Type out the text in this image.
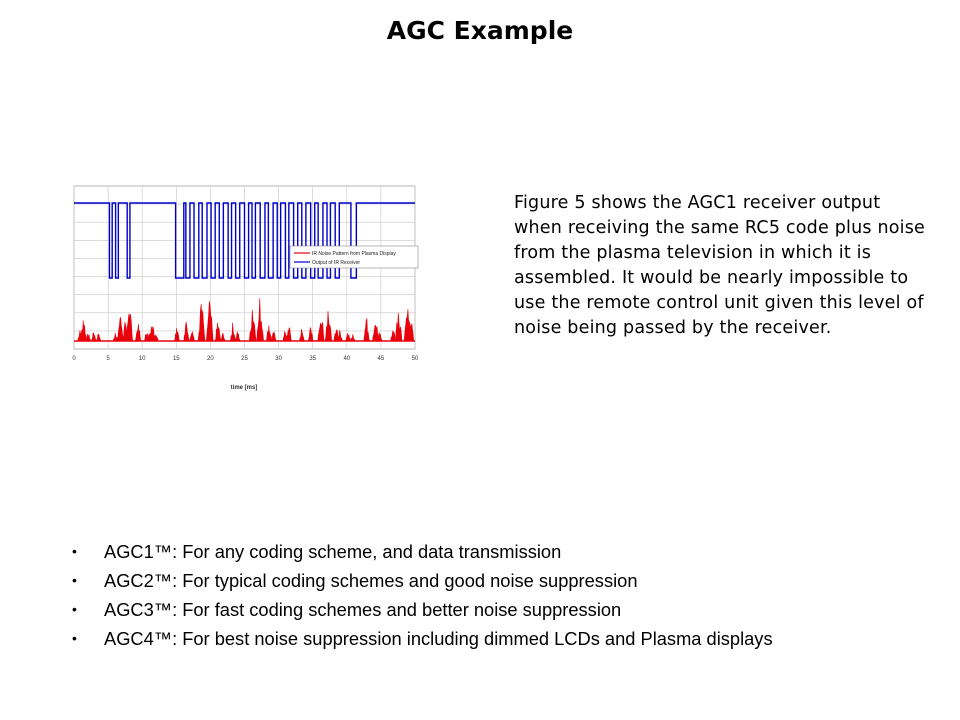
AGC Example
0	5	10	15	20	25	30	35	40	45	50
time [ms]
IR Noise Pattern from Plasma Display
Output of IR Receiver
Figure 5 shows the AGC1 receiver output when receiving the same RC5 code plus noise from the plasma television in which it is assembled. It would be nearly impossible to use the remote control unit given this level of noise being passed by the receiver.
• AGC1™: For any coding scheme, and data transmission
• AGC2™: For typical coding schemes and good noise suppression
• AGC3™: For fast coding schemes and better noise suppression
• AGC4™: For best noise suppression including dimmed LCDs and Plasma displays
